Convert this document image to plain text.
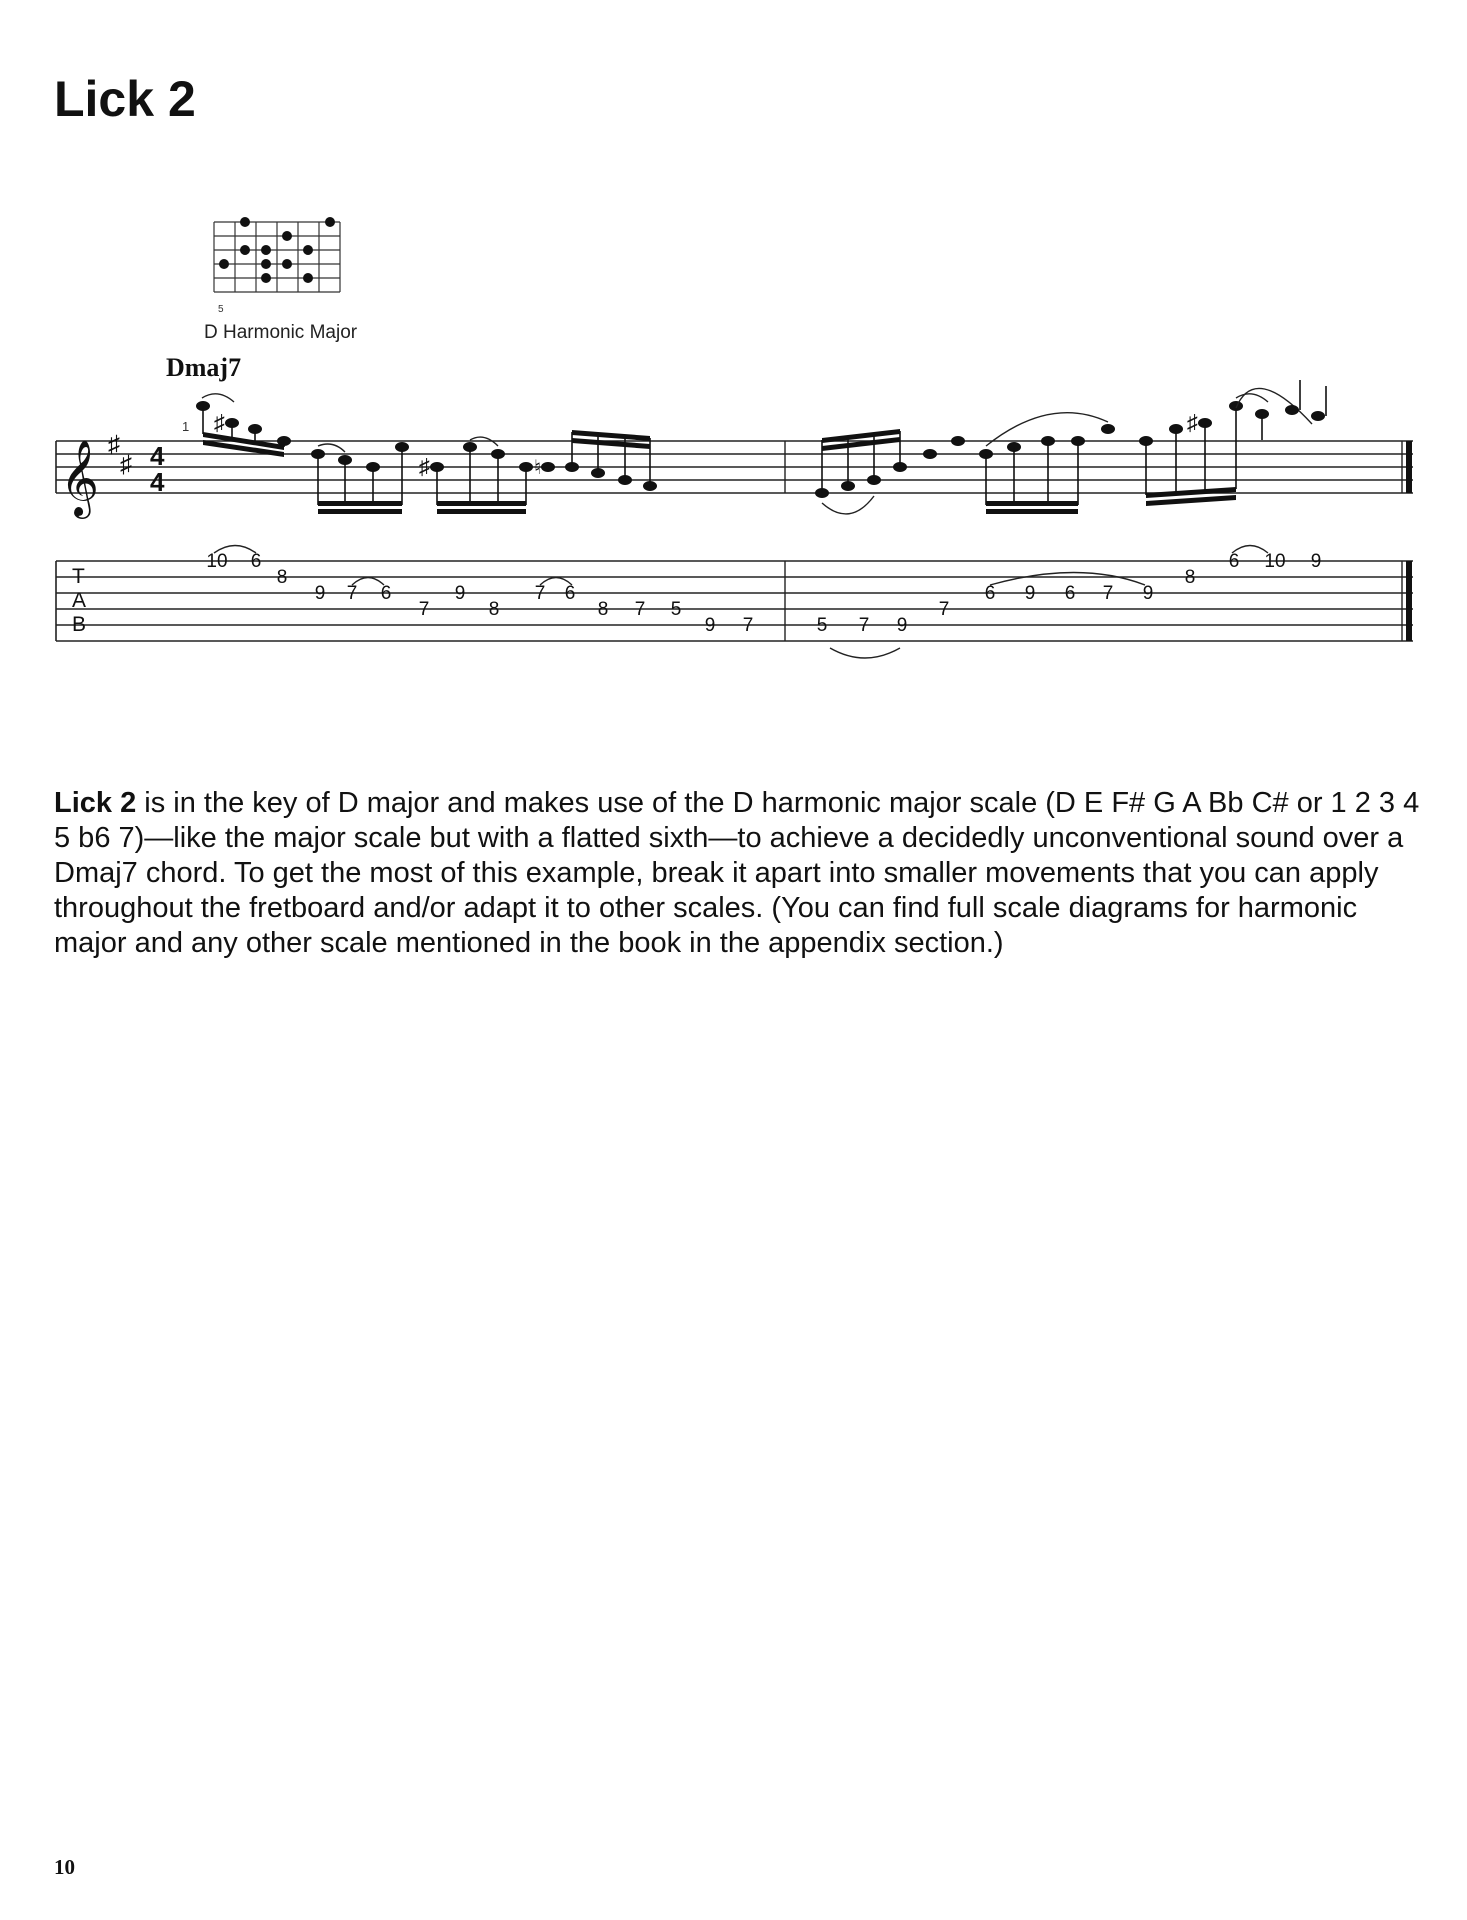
Lick 2
5
D Harmonic Major
Dmaj7
𝄞 ♯
♯ 4
4
1 ♯
♯	♮
♯
T
A
B
10 6
8
9 7 6
7
9
8
7 6
8 7 5
9 7	5 7 9
7
6 9 6 7 9
8
6 10 9

Lick 2 is in the key of D major and makes use of the D harmonic major scale (D E F# G A Bb C# or 1 2 3 4 5 b6 7)—like the major scale but with a flatted sixth—to achieve a decidedly unconventional sound over a Dmaj7 chord. To get the most of this example, break it apart into smaller movements that you can apply throughout the fretboard and/or adapt it to other scales. (You can find full scale diagrams for harmonic major and any other scale mentioned in the book in the appendix section.)

10
